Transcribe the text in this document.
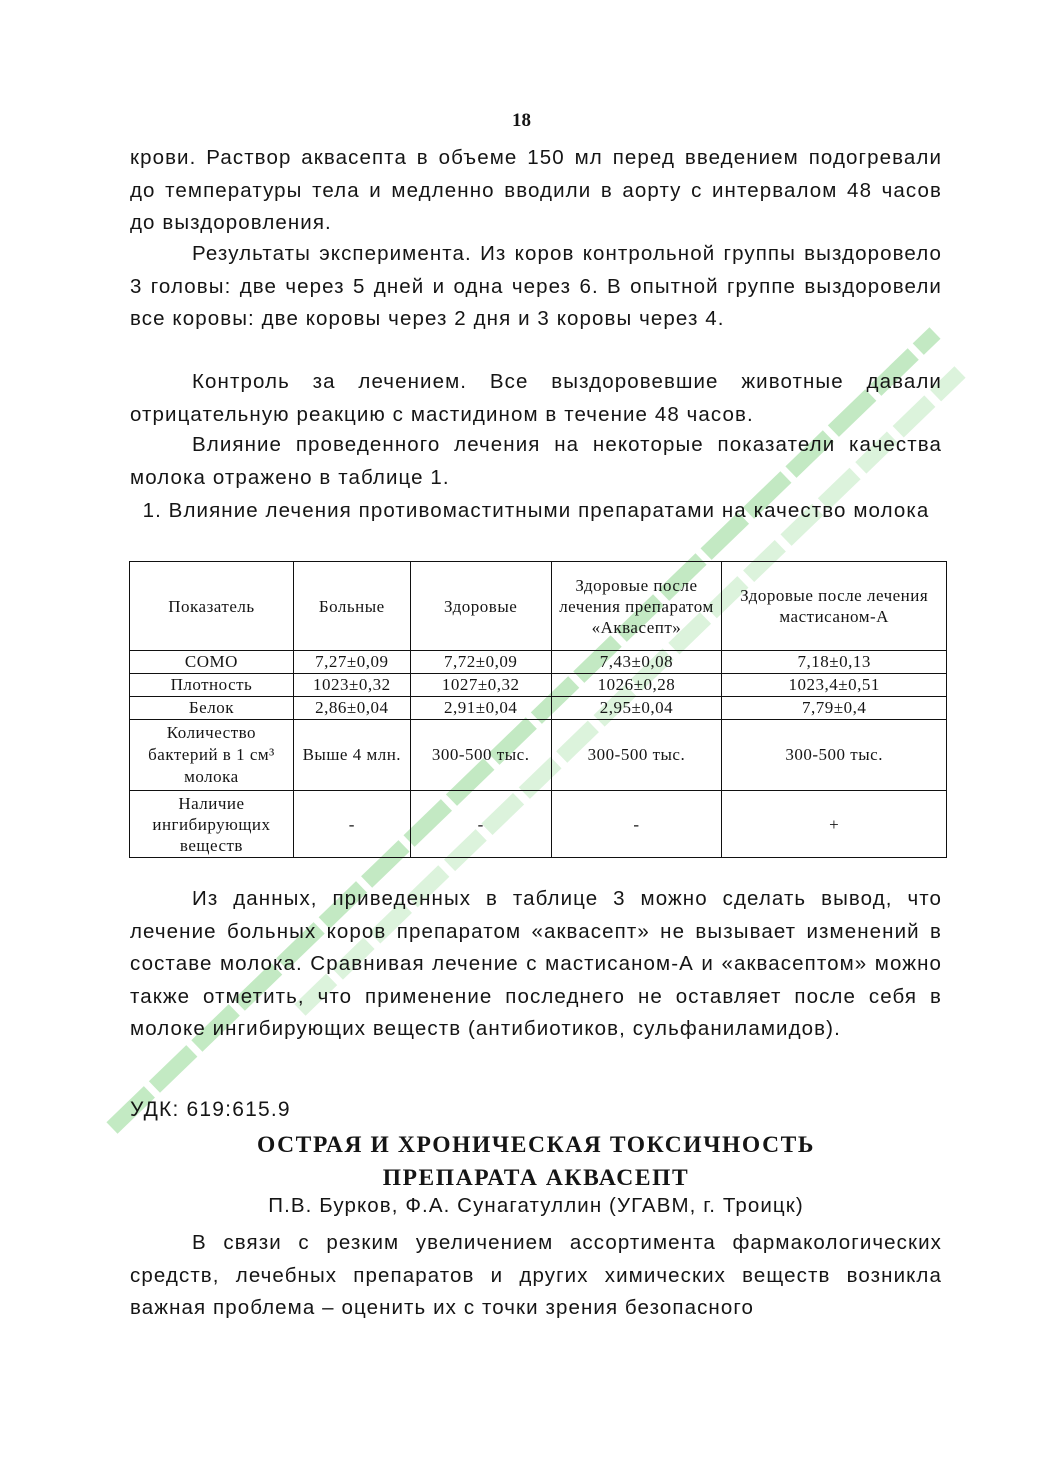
18

крови. Раствор аквасепта в объеме 150 мл перед введением подогревали до температуры тела и медленно вводили в аорту с интервалом 48 часов до выздоровления.

Результаты эксперимента. Из коров контрольной группы выздоровело 3 головы: две через 5 дней и одна через 6. В опытной группе выздоровели все коровы: две коровы через 2 дня и 3 коровы через 4.

Контроль за лечением. Все выздоровевшие животные давали отрицательную реакцию с мастидином в течение 48 часов.

Влияние проведенного лечения на некоторые показатели качества молока отражено в таблице 1.

1. Влияние лечения противомаститными препаратами на качество молока

Показатель	Больные	Здоровые	Здоровые после лечения препаратом «Аквасепт»	Здоровые после лечения мастисаном-А
СОМО	7,27±0,09	7,72±0,09	7,43±0,08	7,18±0,13
Плотность	1023±0,32	1027±0,32	1026±0,28	1023,4±0,51
Белок	2,86±0,04	2,91±0,04	2,95±0,04	7,79±0,4
Количество бактерий в 1 см³ молока	Выше 4 млн.	300-500 тыс.	300-500 тыс.	300-500 тыс.
Наличие ингибирующих веществ	-	-	-	+

Из данных, приведенных в таблице 3 можно сделать вывод, что лечение больных коров препаратом «аквасепт» не вызывает изменений в составе молока. Сравнивая лечение с мастисаном-А и «аквасептом» можно также отметить, что применение последнего не оставляет после себя в молоке ингибирующих веществ (антибиотиков, сульфаниламидов).

УДК: 619:615.9

ОСТРАЯ И ХРОНИЧЕСКАЯ ТОКСИЧНОСТЬ
ПРЕПАРАТА АКВАСЕПТ

П.В. Бурков, Ф.А. Сунагатуллин (УГАВМ, г. Троицк)

В связи с резким увеличением ассортимента фармакологических средств, лечебных препаратов и других химических веществ возникла важная проблема – оценить их с точки зрения безопасного
